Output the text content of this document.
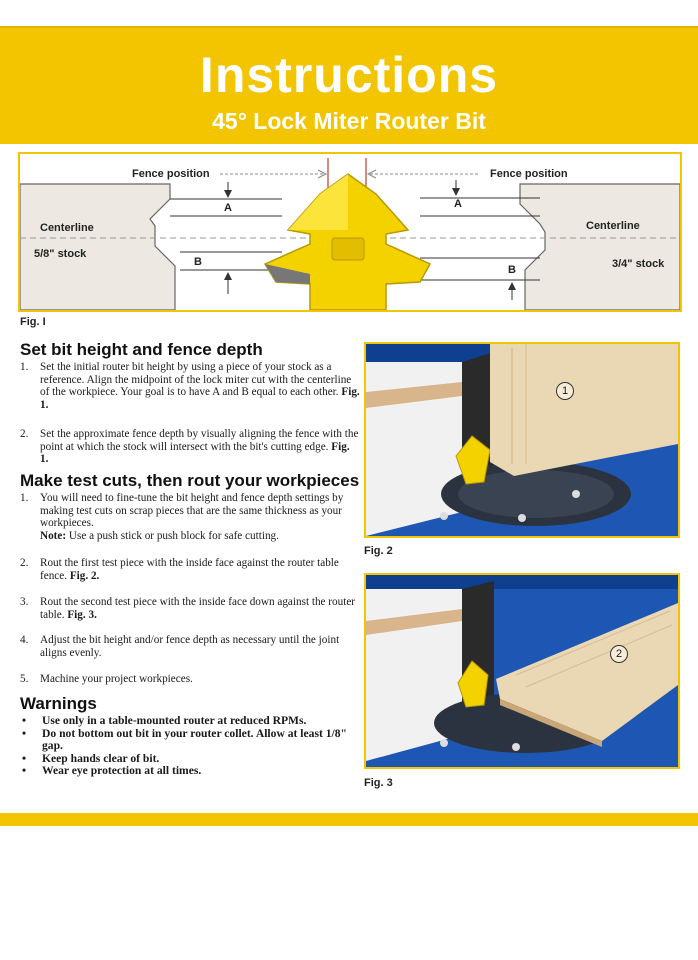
Instructions
45° Lock Miter Router Bit
Fence position	Fence position
Centerline	Centerline
5/8" stock
3/4" stock
A
B
A
B
Fig. I
Set bit height and fence depth
1.	Set the initial router bit height by using a piece of your stock as a reference. Align the midpoint of the lock miter cut with the centerline of the workpiece. Your goal is to have A and B equal to each other. Fig. 1.
2.	Set the approximate fence depth by visually aligning the fence with the point at which the stock will intersect with the bit's cutting edge. Fig. 1.
Make test cuts, then rout your workpieces
1.	You will need to fine-tune the bit height and fence depth settings by making test cuts on scrap pieces that are the same thickness as your workpieces.
Note: Use a push stick or push block for safe cutting.
2.	Rout the first test piece with the inside face against the router table fence. Fig. 2.
3.	Rout the second test piece with the inside face down against the router table. Fig. 3.
4.	Adjust the bit height and/or fence depth as necessary until the joint aligns evenly.
5.	Machine your project workpieces.
Warnings
• Use only in a table-mounted router at reduced RPMs.
• Do not bottom out bit in your router collet. Allow at least 1/8" gap.
• Keep hands clear of bit.
• Wear eye protection at all times.
1
Fig. 2
2
Fig. 3
